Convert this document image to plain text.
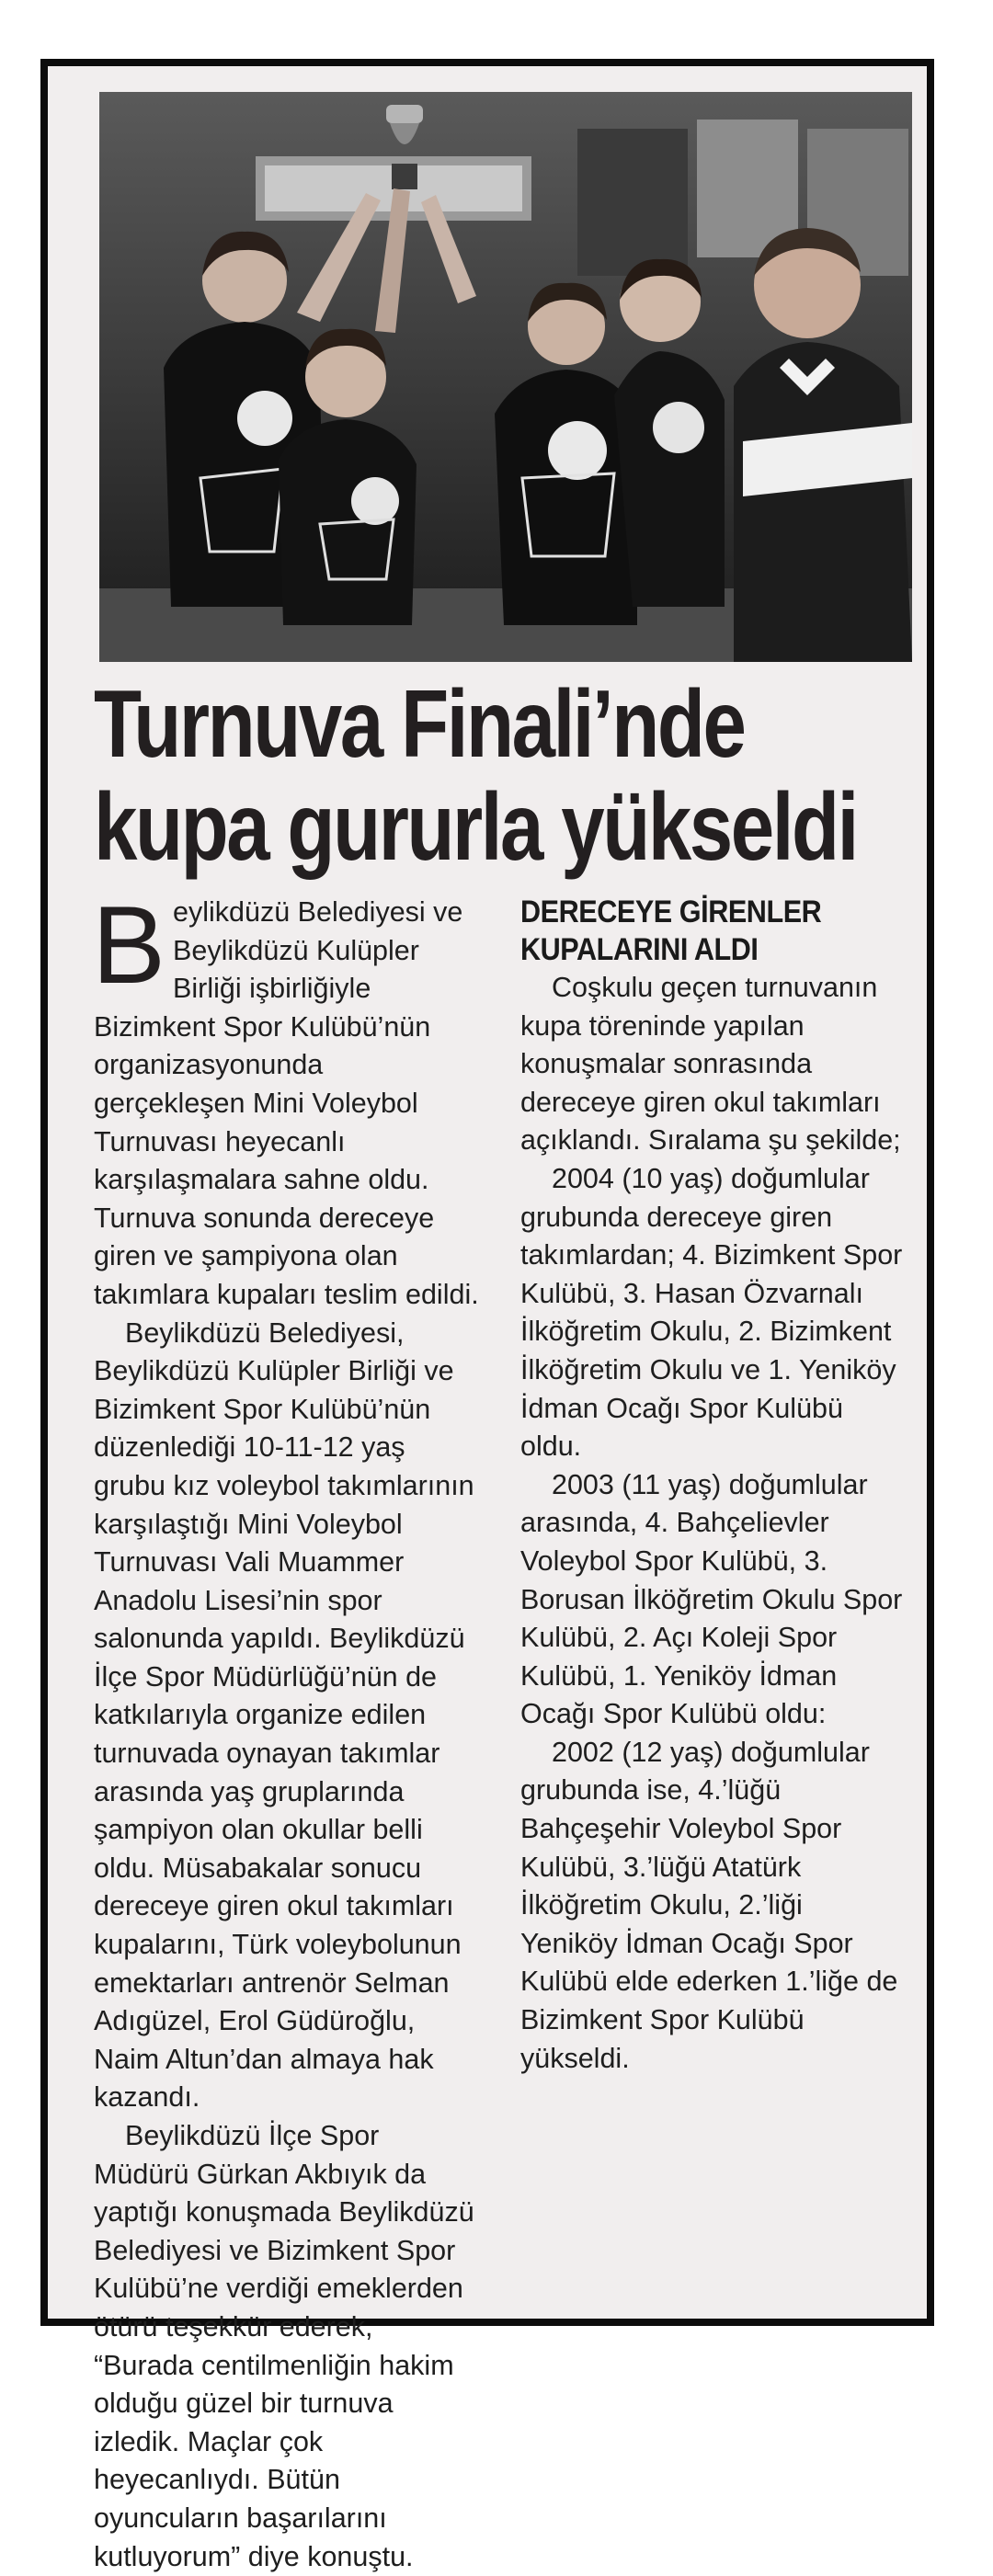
Turnuva Finali’nde
kupa gururla yükseldi

Beylikdüzü Belediyesi ve Beylikdüzü Kulüpler Birliği işbirliğiyle Bizimkent Spor Kulübü’nün organizasyonunda gerçekleşen Mini Voleybol Turnuvası heyecanlı karşılaşmalara sahne oldu. Turnuva sonunda dereceye giren ve şampiyona olan takımlara kupaları teslim edildi.

Beylikdüzü Belediyesi, Beylikdüzü Kulüpler Birliği ve Bizimkent Spor Kulübü’nün düzenlediği 10-11-12 yaş grubu kız voleybol takımlarının karşılaştığı Mini Voleybol Turnuvası Vali Muammer Anadolu Lisesi’nin spor salonunda yapıldı. Beylikdüzü İlçe Spor Müdürlüğü’nün de katkılarıyla organize edilen turnuvada oynayan takımlar arasında yaş gruplarında şampiyon olan okullar belli oldu. Müsabakalar sonucu dereceye giren okul takımları kupalarını, Türk voleybolunun emektarları antrenör Selman Adıgüzel, Erol Güdüroğlu, Naim Altun’dan almaya hak kazandı.

Beylikdüzü İlçe Spor Müdürü Gürkan Akbıyık da yaptığı konuşmada Beylikdüzü Belediyesi ve Bizimkent Spor Kulübü’ne verdiği emeklerden ötürü teşekkür ederek, “Burada centilmenliğin hakim olduğu güzel bir turnuva izledik. Maçlar çok heyecanlıydı. Bütün oyuncuların başarılarını kutluyorum” diye konuştu.

DERECEYE GİRENLER KUPALARINI ALDI

Coşkulu geçen turnuvanın kupa töreninde yapılan konuşmalar sonrasında dereceye giren okul takımları açıklandı. Sıralama şu şekilde;

2004 (10 yaş) doğumlular grubunda dereceye giren takımlardan; 4. Bizimkent Spor Kulübü, 3. Hasan Özvarnalı İlköğretim Okulu, 2. Bizimkent İlköğretim Okulu ve 1. Yeniköy İdman Ocağı Spor Kulübü oldu.

2003 (11 yaş) doğumlular arasında, 4. Bahçelievler Voleybol Spor Kulübü, 3. Borusan İlköğretim Okulu Spor Kulübü, 2. Açı Koleji Spor Kulübü, 1. Yeniköy İdman Ocağı Spor Kulübü oldu:

2002 (12 yaş) doğumlular grubunda ise, 4.’lüğü Bahçeşehir Voleybol Spor Kulübü, 3.’lüğü Atatürk İlköğretim Okulu, 2.’liği Yeniköy İdman Ocağı Spor Kulübü elde ederken 1.’liğe de Bizimkent Spor Kulübü yükseldi.
